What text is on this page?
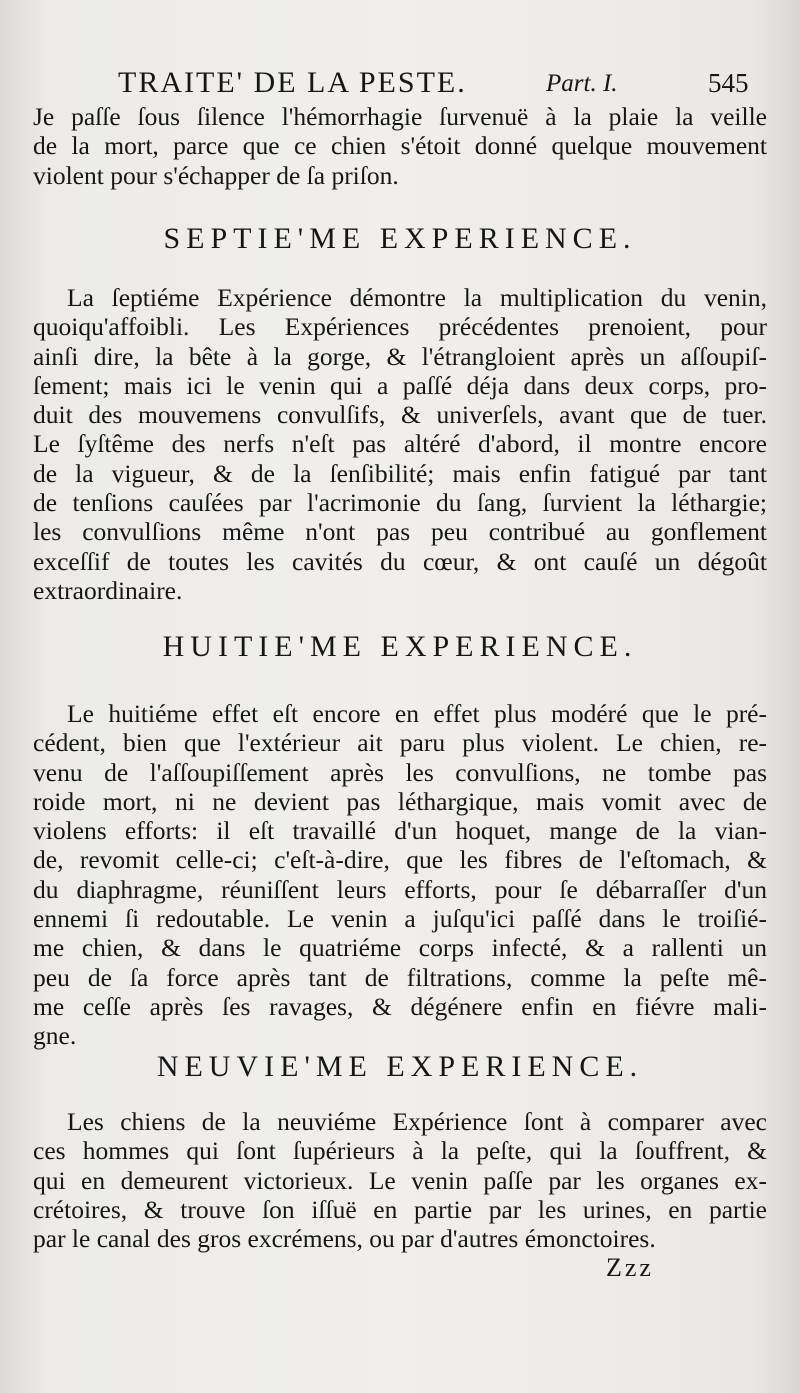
TRAITE' DE LA PESTE.	Part. I.	545

Je paſſe ſous ſilence l'hémorrhagie ſurvenuë à la plaie la veille
de la mort, parce que ce chien s'étoit donné quelque mouvement
violent pour s'échapper de ſa priſon.

SEPTIE'ME EXPERIENCE.

La ſeptiéme Expérience démontre la multiplication du venin,
quoiqu'affoibli. Les Expériences précédentes prenoient, pour
ainſi dire, la bête à la gorge, & l'étrangloient après un aſſoupiſ-
ſement; mais ici le venin qui a paſſé déja dans deux corps, pro-
duit des mouvemens convulſifs, & univerſels, avant que de tuer.
Le ſyſtême des nerfs n'eſt pas altéré d'abord, il montre encore
de la vigueur, & de la ſenſibilité; mais enfin fatigué par tant
de tenſions cauſées par l'acrimonie du ſang, ſurvient la léthargie;
les convulſions même n'ont pas peu contribué au gonflement
exceſſif de toutes les cavités du cœur, & ont cauſé un dégoût
extraordinaire.

HUITIE'ME EXPERIENCE.

Le huitiéme effet eſt encore en effet plus modéré que le pré-
cédent, bien que l'extérieur ait paru plus violent. Le chien, re-
venu de l'aſſoupiſſement après les convulſions, ne tombe pas
roide mort, ni ne devient pas léthargique, mais vomit avec de
violens efforts: il eſt travaillé d'un hoquet, mange de la vian-
de, revomit celle-ci; c'eſt-à-dire, que les fibres de l'eſtomach, &
du diaphragme, réuniſſent leurs efforts, pour ſe débarraſſer d'un
ennemi ſi redoutable. Le venin a juſqu'ici paſſé dans le troiſié-
me chien, & dans le quatriéme corps infecté, & a rallenti un
peu de ſa force après tant de filtrations, comme la peſte mê-
me ceſſe après ſes ravages, & dégénere enfin en fiévre mali-
gne.

NEUVIE'ME EXPERIENCE.

Les chiens de la neuviéme Expérience ſont à comparer avec
ces hommes qui ſont ſupérieurs à la peſte, qui la ſouffrent, &
qui en demeurent victorieux. Le venin paſſe par les organes ex-
crétoires, & trouve ſon iſſuë en partie par les urines, en partie
par le canal des gros excrémens, ou par d'autres émonctoires.

Zzz
